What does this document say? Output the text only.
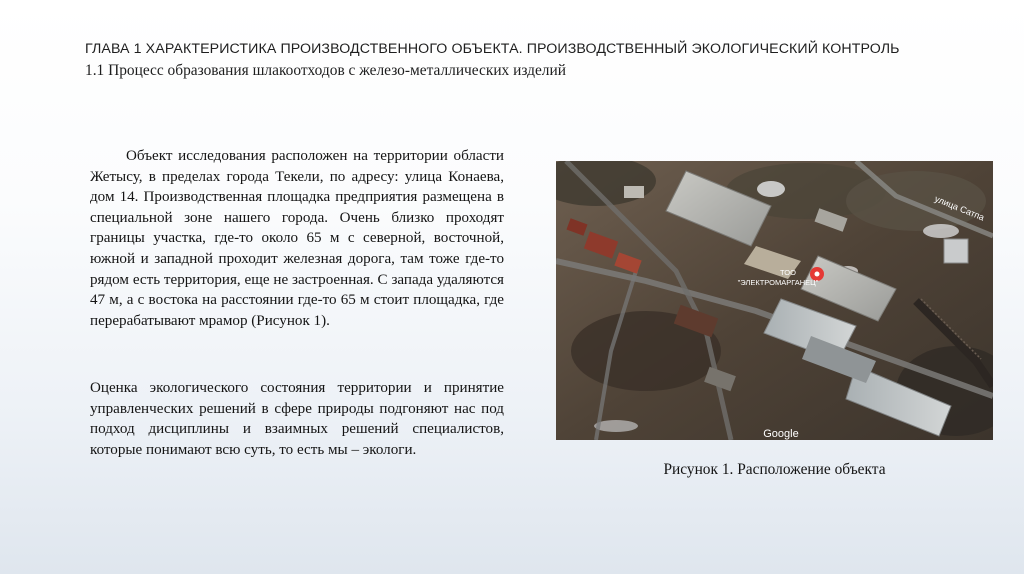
ГЛАВА 1 ХАРАКТЕРИСТИКА ПРОИЗВОДСТВЕННОГО ОБЪЕКТА. ПРОИЗВОДСТВЕННЫЙ ЭКОЛОГИЧЕСКИЙ КОНТРОЛЬ
1.1 Процесс образования шлакоотходов с железо-металлических изделий
Объект исследования расположен на территории области Жетысу, в пределах города Текели, по адресу: улица Конаева, дом 14. Производственная площадка предприятия размещена в специальной зоне нашего города. Очень близко проходят границы участка, где-то около 65 м с северной, восточной, южной и западной проходит железная дорога, там тоже где-то рядом есть территория, еще не застроенная. С запада удаляются 47 м, а с востока на расстоянии где-то 65 м стоит площадка, где перерабатывают мрамор (Рисунок 1).
Оценка экологического состояния территории и принятие управленческих решений в сфере природы подгоняют нас под подход дисциплины и взаимных решений специалистов, которые понимают всю суть, то есть мы – экологи.
ТОО
"ЭЛЕКТРОМАРГАНЕЦ"
улица Сатпа
Google
Рисунок 1. Расположение объекта
